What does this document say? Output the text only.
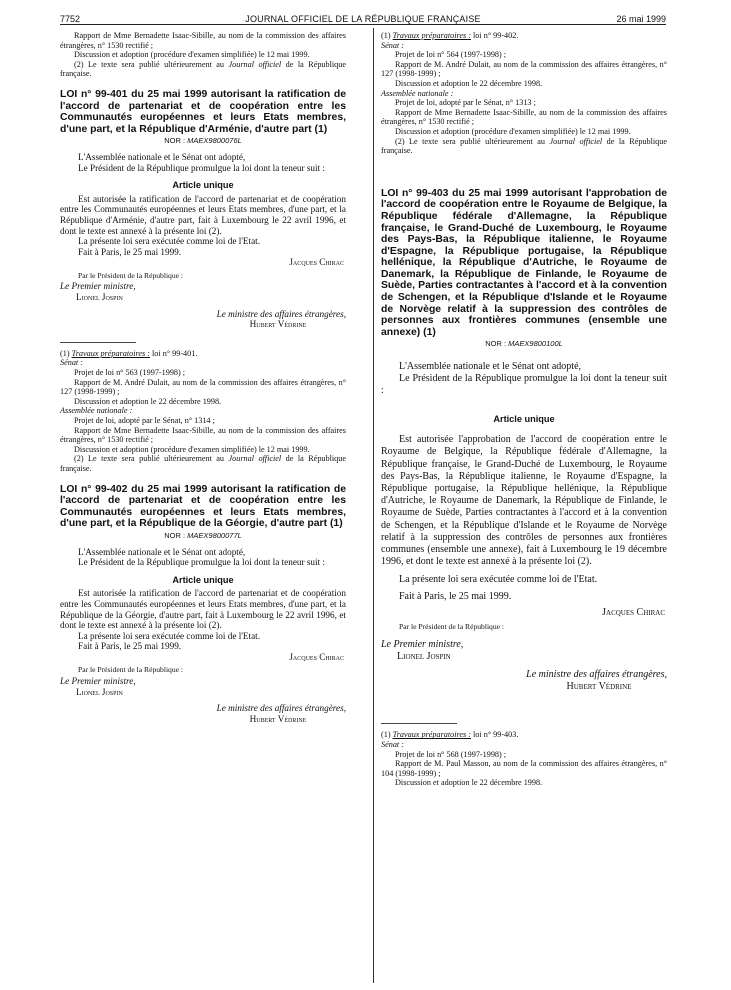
7752	JOURNAL OFFICIEL DE LA RÉPUBLIQUE FRANÇAISE	26 mai 1999

Rapport de Mme Bernadette Isaac-Sibille, au nom de la commission des affaires étrangères, n° 1530 rectifié ;

Discussion et adoption (procédure d'examen simplifiée) le 12 mai 1999.

(2) Le texte sera publié ultérieurement au Journal officiel de la République française.

LOI n° 99-401 du 25 mai 1999 autorisant la ratification de l'accord de partenariat et de coopération entre les Communautés européennes et leurs Etats membres, d'une part, et la République d'Arménie, d'autre part (1)

NOR : MAEX9800076L

L'Assemblée nationale et le Sénat ont adopté,

Le Président de la République promulgue la loi dont la teneur suit :

Article unique

Est autorisée la ratification de l'accord de partenariat et de coopération entre les Communautés européennes et leurs Etats membres, d'une part, et la République d'Arménie, d'autre part, fait à Luxembourg le 22 avril 1996, et dont le texte est annexé à la présente loi (2).

La présente loi sera exécutée comme loi de l'Etat.

Fait à Paris, le 25 mai 1999.

Jacques Chirac

Par le Président de la République :

Le Premier ministre,

Lionel Jospin

Le ministre des affaires étrangères,

Hubert Védrine

(1) Travaux préparatoires : loi n° 99-401.

Sénat :

Projet de loi n° 563 (1997-1998) ;

Rapport de M. André Dulait, au nom de la commission des affaires étrangères, n° 127 (1998-1999) ;

Discussion et adoption le 22 décembre 1998.

Assemblée nationale :

Projet de loi, adopté par le Sénat, n° 1314 ;

Rapport de Mme Bernadette Isaac-Sibille, au nom de la commission des affaires étrangères, n° 1530 rectifié ;

Discussion et adoption (procédure d'examen simplifiée) le 12 mai 1999.

(2) Le texte sera publié ultérieurement au Journal officiel de la République française.

LOI n° 99-402 du 25 mai 1999 autorisant la ratification de l'accord de partenariat et de coopération entre les Communautés européennes et leurs Etats membres, d'une part, et la République de la Géorgie, d'autre part (1)

NOR : MAEX9800077L

L'Assemblée nationale et le Sénat ont adopté,

Le Président de la République promulgue la loi dont la teneur suit :

Article unique

Est autorisée la ratification de l'accord de partenariat et de coopération entre les Communautés européennes et leurs Etats membres, d'une part, et la République de la Géorgie, d'autre part, fait à Luxembourg le 22 avril 1996, et dont le texte est annexé à la présente loi (2).

La présente loi sera exécutée comme loi de l'Etat.

Fait à Paris, le 25 mai 1999.

Jacques Chirac

Par le Président de la République :

Le Premier ministre,

Lionel Jospin

Le ministre des affaires étrangères,

Hubert Védrine

(1) Travaux préparatoires : loi n° 99-402.

Sénat :

Projet de loi n° 564 (1997-1998) ;

Rapport de M. André Dulait, au nom de la commission des affaires étrangères, n° 127 (1998-1999) ;

Discussion et adoption le 22 décembre 1998.

Assemblée nationale :

Projet de loi, adopté par le Sénat, n° 1313 ;

Rapport de Mme Bernadette Isaac-Sibille, au nom de la commission des affaires étrangères, n° 1530 rectifié ;

Discussion et adoption (procédure d'examen simplifiée) le 12 mai 1999.

(2) Le texte sera publié ultérieurement au Journal officiel de la République française.

LOI n° 99-403 du 25 mai 1999 autorisant l'approbation de l'accord de coopération entre le Royaume de Belgique, la République fédérale d'Allemagne, la République française, le Grand-Duché de Luxembourg, le Royaume des Pays-Bas, la République italienne, le Royaume d'Espagne, la République portugaise, la République hellénique, la République d'Autriche, le Royaume de Danemark, la République de Finlande, le Royaume de Suède, Parties contractantes à l'accord et à la convention de Schengen, et la République d'Islande et le Royaume de Norvège relatif à la suppression des contrôles de personnes aux frontières communes (ensemble une annexe) (1)

NOR : MAEX9800100L

L'Assemblée nationale et le Sénat ont adopté,

Le Président de la République promulgue la loi dont la teneur suit :

Article unique

Est autorisée l'approbation de l'accord de coopération entre le Royaume de Belgique, la République fédérale d'Allemagne, la République française, le Grand-Duché de Luxembourg, le Royaume des Pays-Bas, la République italienne, le Royaume d'Espagne, la République portugaise, la République hellénique, la République d'Autriche, le Royaume de Danemark, la République de Finlande, le Royaume de Suède, Parties contractantes à l'accord et à la convention de Schengen, et la République d'Islande et le Royaume de Norvège relatif à la suppression des contrôles de personnes aux frontières communes (ensemble une annexe), fait à Luxembourg le 19 décembre 1996, et dont le texte est annexé à la présente loi (2).

La présente loi sera exécutée comme loi de l'Etat.

Fait à Paris, le 25 mai 1999.

Jacques Chirac

Par le Président de la République :

Le Premier ministre,

Lionel Jospin

Le ministre des affaires étrangères,

Hubert Védrine

(1) Travaux préparatoires : loi n° 99-403.

Sénat :

Projet de loi n° 568 (1997-1998) ;

Rapport de M. Paul Masson, au nom de la commission des affaires étrangères, n° 104 (1998-1999) ;

Discussion et adoption le 22 décembre 1998.
